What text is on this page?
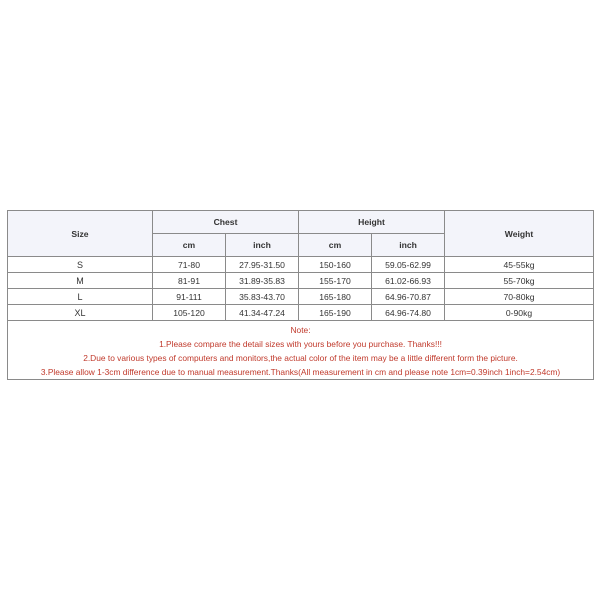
Size	Chest		Height		Weight
	cm	inch	cm	inch	
S	71-80	27.95-31.50	150-160	59.05-62.99	45-55kg
M	81-91	31.89-35.83	155-170	61.02-66.93	55-70kg
L	91-111	35.83-43.70	165-180	64.96-70.87	70-80kg
XL	105-120	41.34-47.24	165-190	64.96-74.80	0-90kg

Note:
1.Please compare the detail sizes with yours before you purchase. Thanks!!!
2.Due to various types of computers and monitors,the actual color of the item may be a little different form the picture.
3.Please allow 1-3cm difference due to manual measurement.Thanks(All measurement in cm and please note 1cm=0.39inch 1inch=2.54cm)					
